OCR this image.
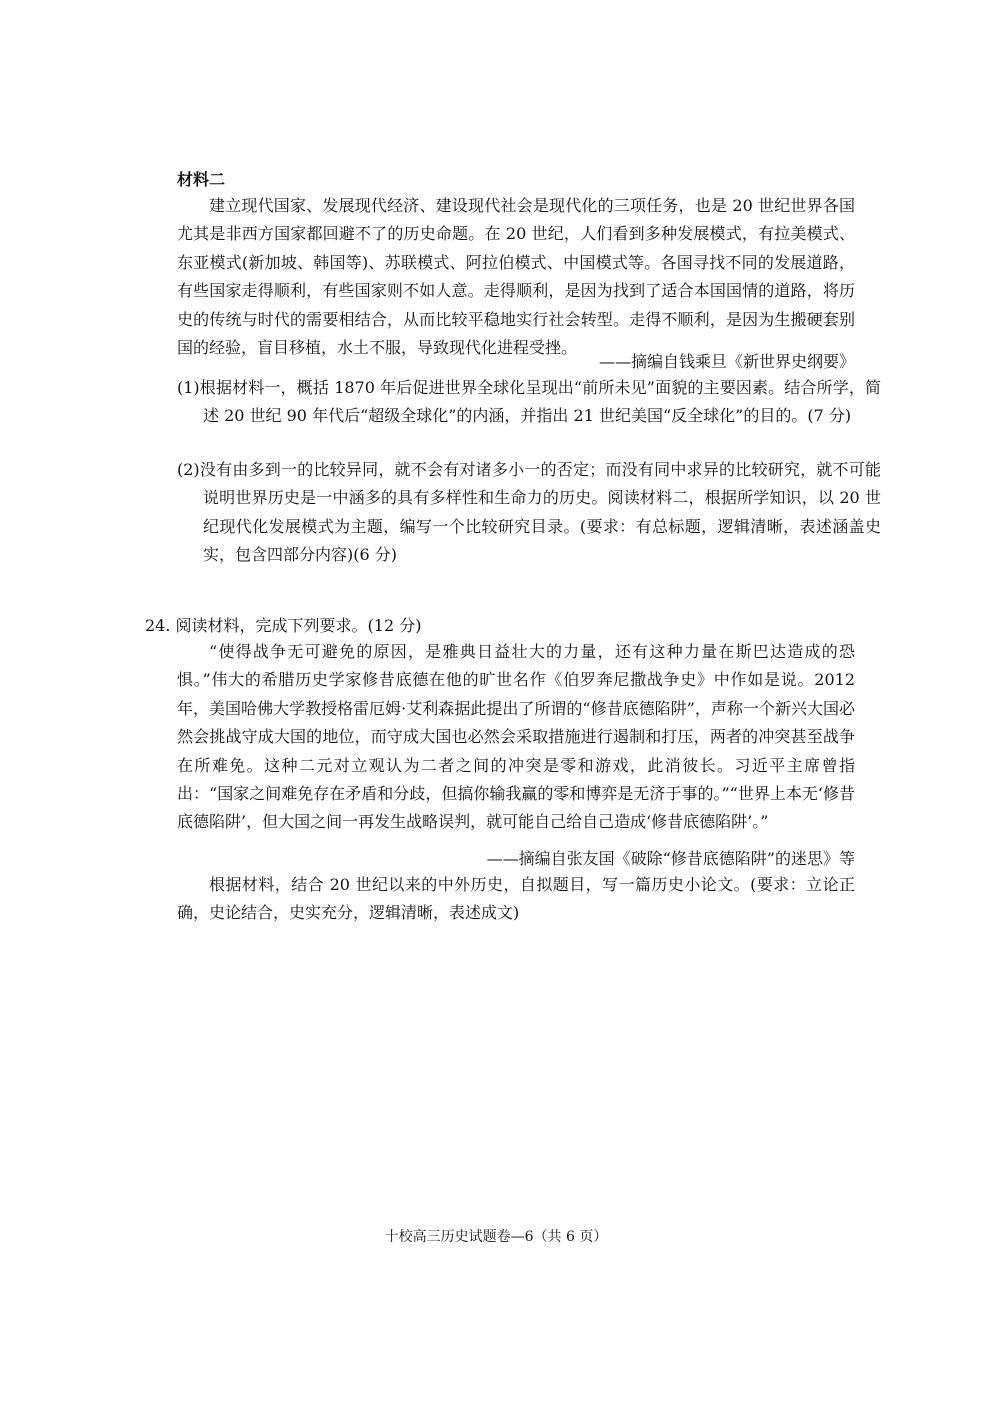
材料二

建立现代国家、发展现代经济、建设现代社会是现代化的三项任务，也是 20 世纪世界各国尤其是非西方国家都回避不了的历史命题。在 20 世纪，人们看到多种发展模式，有拉美模式、东亚模式(新加坡、韩国等)、苏联模式、阿拉伯模式、中国模式等。各国寻找不同的发展道路，有些国家走得顺利，有些国家则不如人意。走得顺利，是因为找到了适合本国国情的道路，将历史的传统与时代的需要相结合，从而比较平稳地实行社会转型。走得不顺利，是因为生搬硬套别国的经验，盲目移植，水土不服，导致现代化进程受挫。

——摘编自钱乘旦《新世界史纲要》

(1)根据材料一，概括 1870 年后促进世界全球化呈现出“前所未见”面貌的主要因素。结合所学，简述 20 世纪 90 年代后“超级全球化”的内涵，并指出 21 世纪美国“反全球化”的目的。(7 分)

(2)没有由多到一的比较异同，就不会有对诸多小一的否定；而没有同中求异的比较研究，就不可能说明世界历史是一中涵多的具有多样性和生命力的历史。阅读材料二，根据所学知识，以 20 世纪现代化发展模式为主题，编写一个比较研究目录。(要求：有总标题，逻辑清晰，表述涵盖史实，包含四部分内容)(6 分)

24. 阅读材料，完成下列要求。(12 分)

“使得战争无可避免的原因，是雅典日益壮大的力量，还有这种力量在斯巴达造成的恐惧。”伟大的希腊历史学家修昔底德在他的旷世名作《伯罗奔尼撒战争史》中作如是说。2012 年，美国哈佛大学教授格雷厄姆·艾利森据此提出了所谓的“修昔底德陷阱”，声称一个新兴大国必然会挑战守成大国的地位，而守成大国也必然会采取措施进行遏制和打压，两者的冲突甚至战争在所难免。这种二元对立观认为二者之间的冲突是零和游戏，此消彼长。习近平主席曾指出：“国家之间难免存在矛盾和分歧，但搞你输我赢的零和博弈是无济于事的。”“世界上本无‘修昔底德陷阱’，但大国之间一再发生战略误判，就可能自己给自己造成‘修昔底德陷阱’。”

——摘编自张友国《破除“修昔底德陷阱”的迷思》等

根据材料，结合 20 世纪以来的中外历史，自拟题目，写一篇历史小论文。(要求：立论正确，史论结合，史实充分，逻辑清晰，表述成文)

十校高三历史试题卷—6（共 6 页）
